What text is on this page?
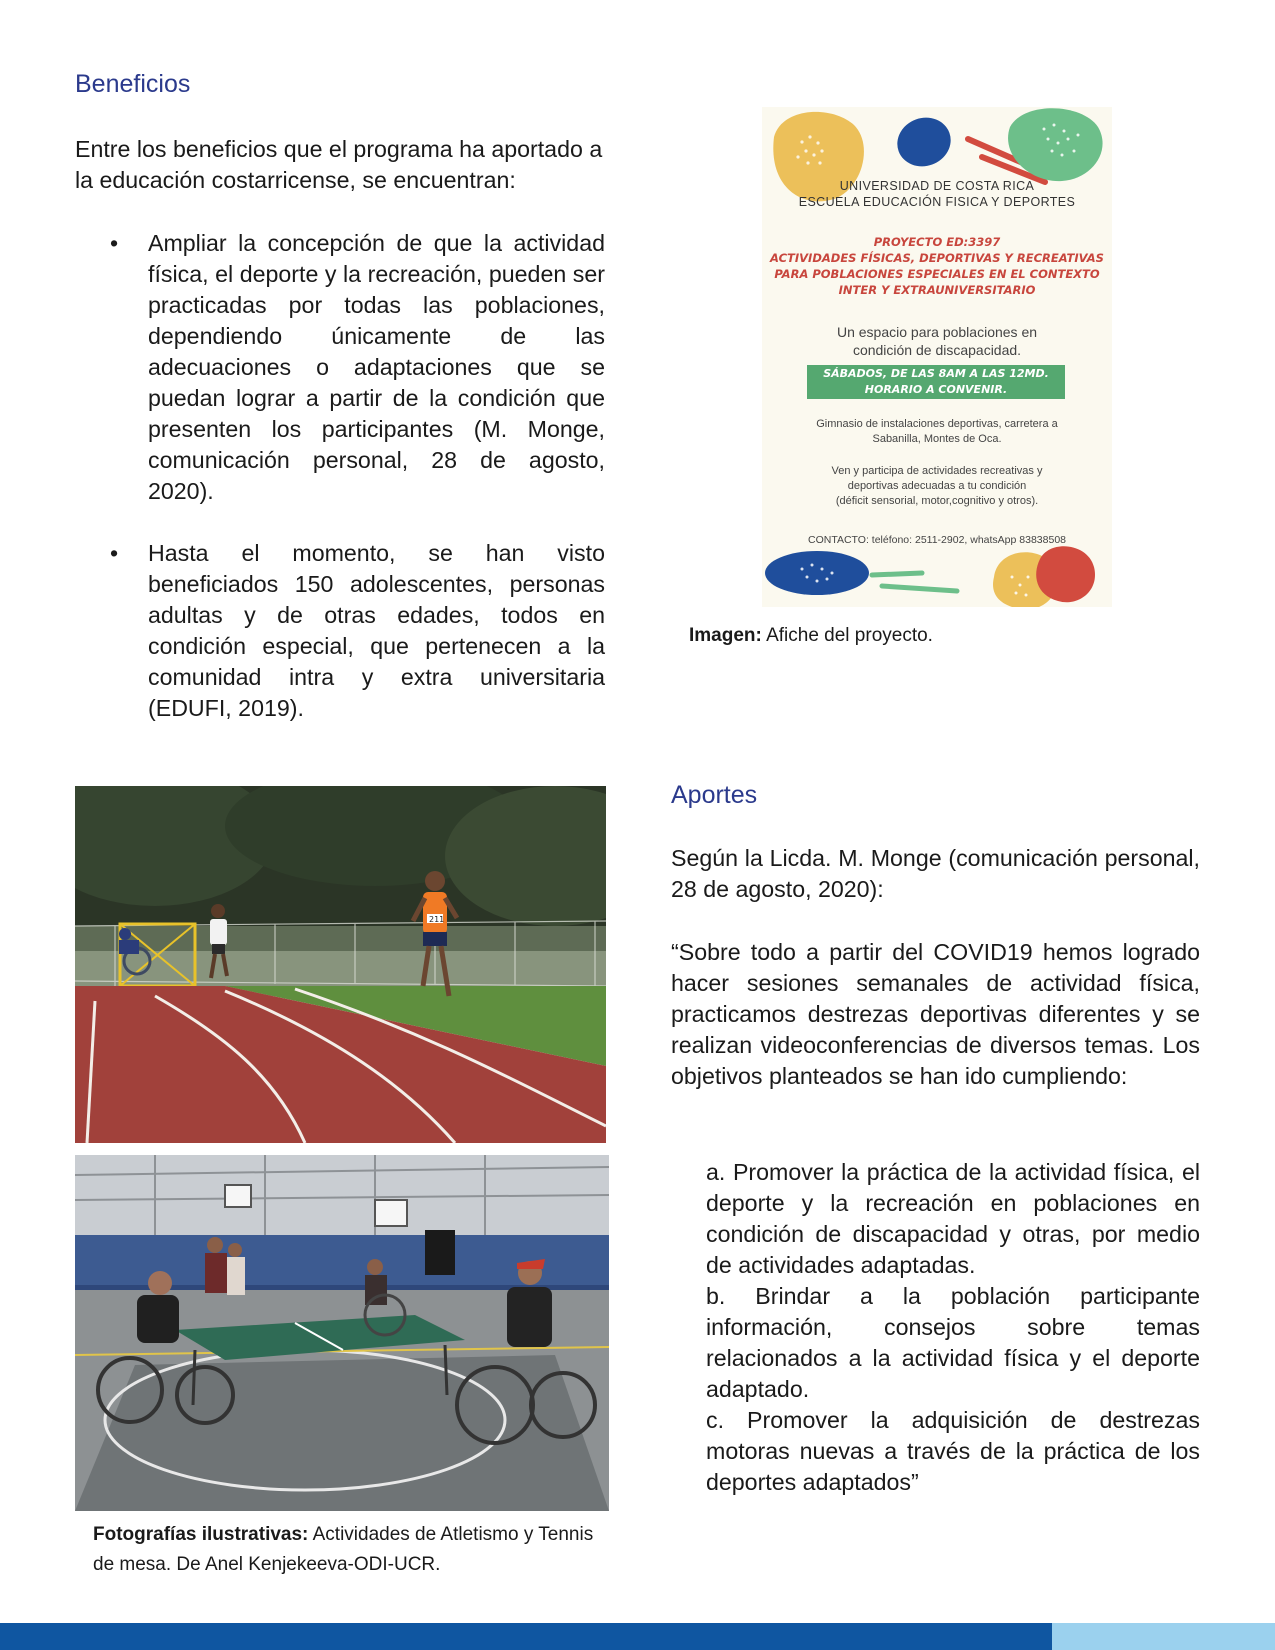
Beneficios

Entre los beneficios que el programa ha aportado a la educación costarricense, se encuentran:

• Ampliar la concepción de que la actividad física, el deporte y la recreación, pueden ser practicadas por todas las poblaciones, dependiendo únicamente de las adecuaciones o adaptaciones que se puedan lograr a partir de la condición que presenten los participantes (M. Monge, comunicación personal, 28 de agosto, 2020).
• Hasta el momento, se han visto beneficiados 150 adolescentes, personas adultas y de otras edades, todos en condición especial, que pertenecen a la comunidad intra y extra universitaria (EDUFI, 2019).
UNIVERSIDAD DE COSTA RICA
ESCUELA EDUCACIÓN FISICA Y DEPORTES
PROYECTO ED:3397
ACTIVIDADES FÍSICAS, DEPORTIVAS Y RECREATIVAS
PARA POBLACIONES ESPECIALES EN EL CONTEXTO
INTER Y EXTRAUNIVERSITARIO
Un espacio para poblaciones en
condición de discapacidad.
SÁBADOS, DE LAS 8AM A LAS 12MD.
HORARIO A CONVENIR.
Gimnasio de instalaciones deportivas, carretera a
Sabanilla, Montes de Oca.
Ven y participa de actividades recreativas y
deportivas adecuadas a tu condición
(déficit sensorial, motor,cognitivo y otros).
CONTACTO: teléfono: 2511-2902, whatsApp 83838508

Imagen: Afiche del proyecto.

211

Fotografías ilustrativas: Actividades de Atletismo y Tennis de mesa. De Anel Kenjekeeva-ODI-UCR.

Aportes

Según la Licda. M. Monge (comunicación personal, 28 de agosto, 2020):

“Sobre todo a partir del COVID19 hemos logrado hacer sesiones semanales de actividad física, practicamos destrezas deportivas diferentes y se realizan videoconferencias de diversos temas. Los objetivos planteados se han ido cumpliendo:

a. Promover la práctica de la actividad física, el deporte y la recreación en poblaciones en condición de discapacidad y otras, por medio de actividades adaptadas.

b. Brindar a la población participante información, consejos sobre temas relacionados a la actividad física y el deporte adaptado.

c. Promover la adquisición de destrezas motoras nuevas a través de la práctica de los deportes adaptados”
